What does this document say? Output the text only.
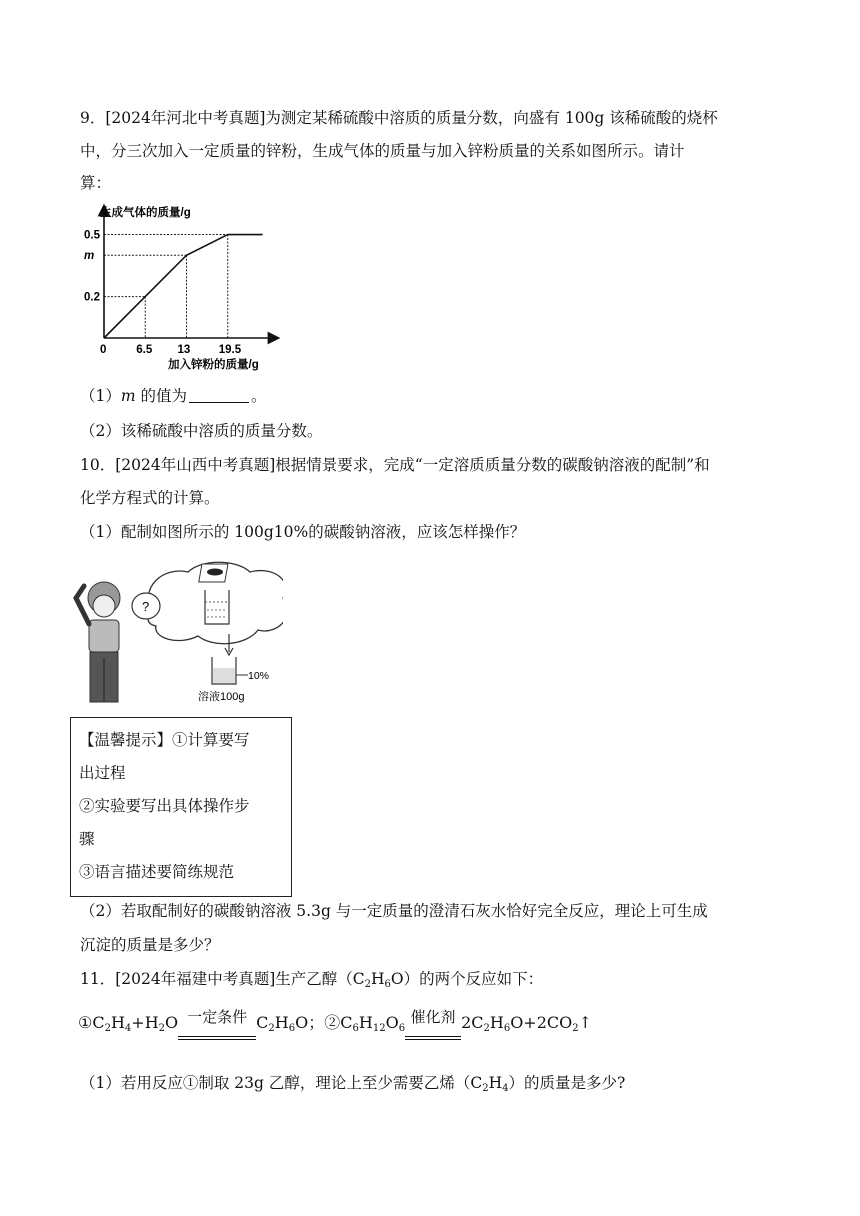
9．[2024年河北中考真题]为测定某稀硫酸中溶质的质量分数，向盛有 100g 该稀硫酸的烧杯
中，分三次加入一定质量的锌粉，生成气体的质量与加入锌粉质量的关系如图所示。请计
算：
生成气体的质量/g
加入锌粉的质量/g
0	6.5 13 19.5
0.2
m
0.5
（1）m 的值为	。
（2）该稀硫酸中溶质的质量分数。
10．[2024年山西中考真题]根据情景要求，完成“一定溶质质量分数的碳酸钠溶液的配制”和
化学方程式的计算。
（1）配制如图所示的 100g10%的碳酸钠溶液，应该怎样操作？
10%
溶液100g
?
【温馨提示】①计算要写
出过程
②实验要写出具体操作步
骤
③语言描述要简练规范
（2）若取配制好的碳酸钠溶液 5.3g 与一定质量的澄清石灰水恰好完全反应，理论上可生成
沉淀的质量是多少？
11．[2024年福建中考真题]生产乙醇$(C_2H_6O)$的两个反应如下：
$①C_2H_4+H_2O$ 一定条件 $C_2H_6O$；$②C_6H_{12}O_6$
催化剂 $2C_2H_6O+2CO_2↑$
（1）若用反应①制取 23g 乙醇，理论上至少需要乙烯$(C_2H_4)$的质量是多少?
